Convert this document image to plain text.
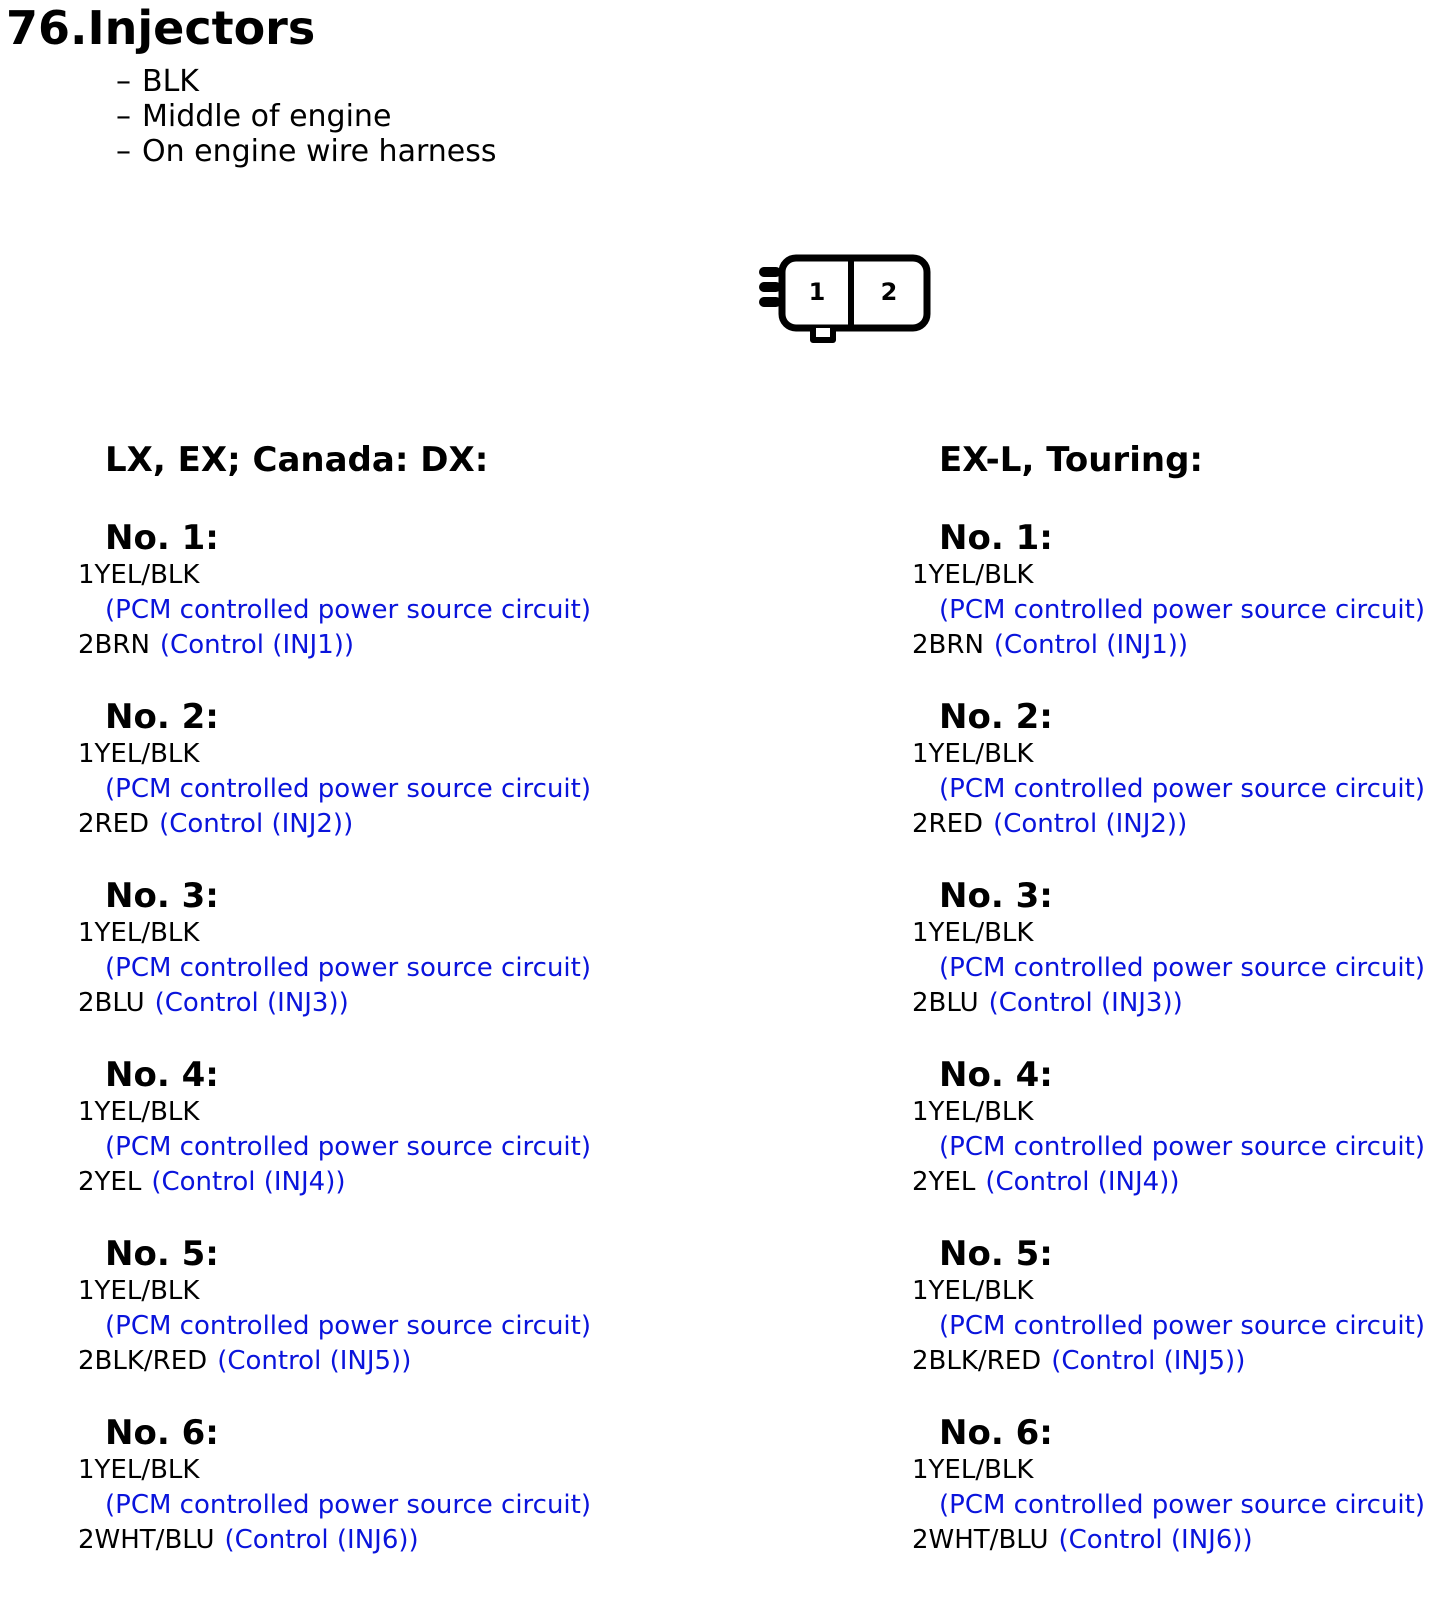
76.Injectors
– BLK
– Middle of engine
– On engine wire harness
1 2
LX, EX; Canada: DX:
No. 1:
1YEL/BLK
(PCM controlled power source circuit)
2BRN (Control (INJ1))
No. 2:
1YEL/BLK
(PCM controlled power source circuit)
2RED (Control (INJ2))
No. 3:
1YEL/BLK
(PCM controlled power source circuit)
2BLU (Control (INJ3))
No. 4:
1YEL/BLK
(PCM controlled power source circuit)
2YEL (Control (INJ4))
No. 5:
1YEL/BLK
(PCM controlled power source circuit)
2BLK/RED (Control (INJ5))
No. 6:
1YEL/BLK
(PCM controlled power source circuit)
2WHT/BLU (Control (INJ6))
EX-L, Touring:
No. 1:
1YEL/BLK
(PCM controlled power source circuit)
2BRN (Control (INJ1))
No. 2:
1YEL/BLK
(PCM controlled power source circuit)
2RED (Control (INJ2))
No. 3:
1YEL/BLK
(PCM controlled power source circuit)
2BLU (Control (INJ3))
No. 4:
1YEL/BLK
(PCM controlled power source circuit)
2YEL (Control (INJ4))
No. 5:
1YEL/BLK
(PCM controlled power source circuit)
2BLK/RED (Control (INJ5))
No. 6:
1YEL/BLK
(PCM controlled power source circuit)
2WHT/BLU (Control (INJ6))
